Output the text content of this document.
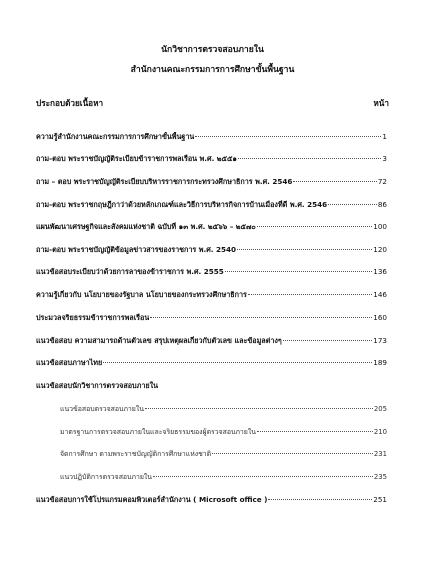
นักวิชาการตรวจสอบภายใน
สำนักงานคณะกรรมการการศึกษาขั้นพื้นฐาน
ประกอบด้วยเนื้อหา	หน้า
ความรู้สำนักงานคณะกรรมการการศึกษาขั้นพื้นฐาน	1
ถาม-ตอบ พระราชบัญญัติระเบียบข้าราชการพลเรือน พ.ศ. ๒๕๕๑	3
ถาม – ตอบ พระราชบัญญัติระเบียบบริหารราชการกระทรวงศึกษาธิการ พ.ศ. 2546	72
ถาม-ตอบ พระราชกฤษฎีกาว่าด้วยหลักเกณฑ์และวิธีการบริหารกิจการบ้านเมืองที่ดี พ.ศ. 2546	86
แผนพัฒนาเศรษฐกิจและสังคมแห่งชาติ ฉบับที่ ๑๓ พ.ศ. ๒๕๖๖ – ๒๕๗๐	100
ถาม-ตอบ พระราชบัญญัติข้อมูลข่าวสารของราชการ พ.ศ. 2540	120
แนวข้อสอบระเบียบว่าด้วยการลาของข้าราชการ พ.ศ. 2555	136
ความรู้เกี่ยวกับ นโยบายของรัฐบาล นโยบายของกระทรวงศึกษาธิการ	146
ประมวลจริยธรรมข้าราชการพลเรือน	160
แนวข้อสอบ ความสามารถด้านตัวเลข สรุปเหตุผลเกี่ยวกับตัวเลข และข้อมูลต่างๆ	173
แนวข้อสอบภาษาไทย	189
แนวข้อสอบนักวิชาการตรวจสอบภายใน
แนวข้อสอบตรวจสอบภายใน	205
มาตรฐานการตรวจสอบภายในและจริยธรรมของผู้ตรวจสอบภายใน	210
จัดการศึกษา ตามพระราชบัญญัติการศึกษาแห่งชาติ	231
แนวปฏิบัติการตรวจสอบภายใน	235
แนวข้อสอบการใช้โปรแกรมคอมพิวเตอร์สำนักงาน ( Microsoft office )	251
